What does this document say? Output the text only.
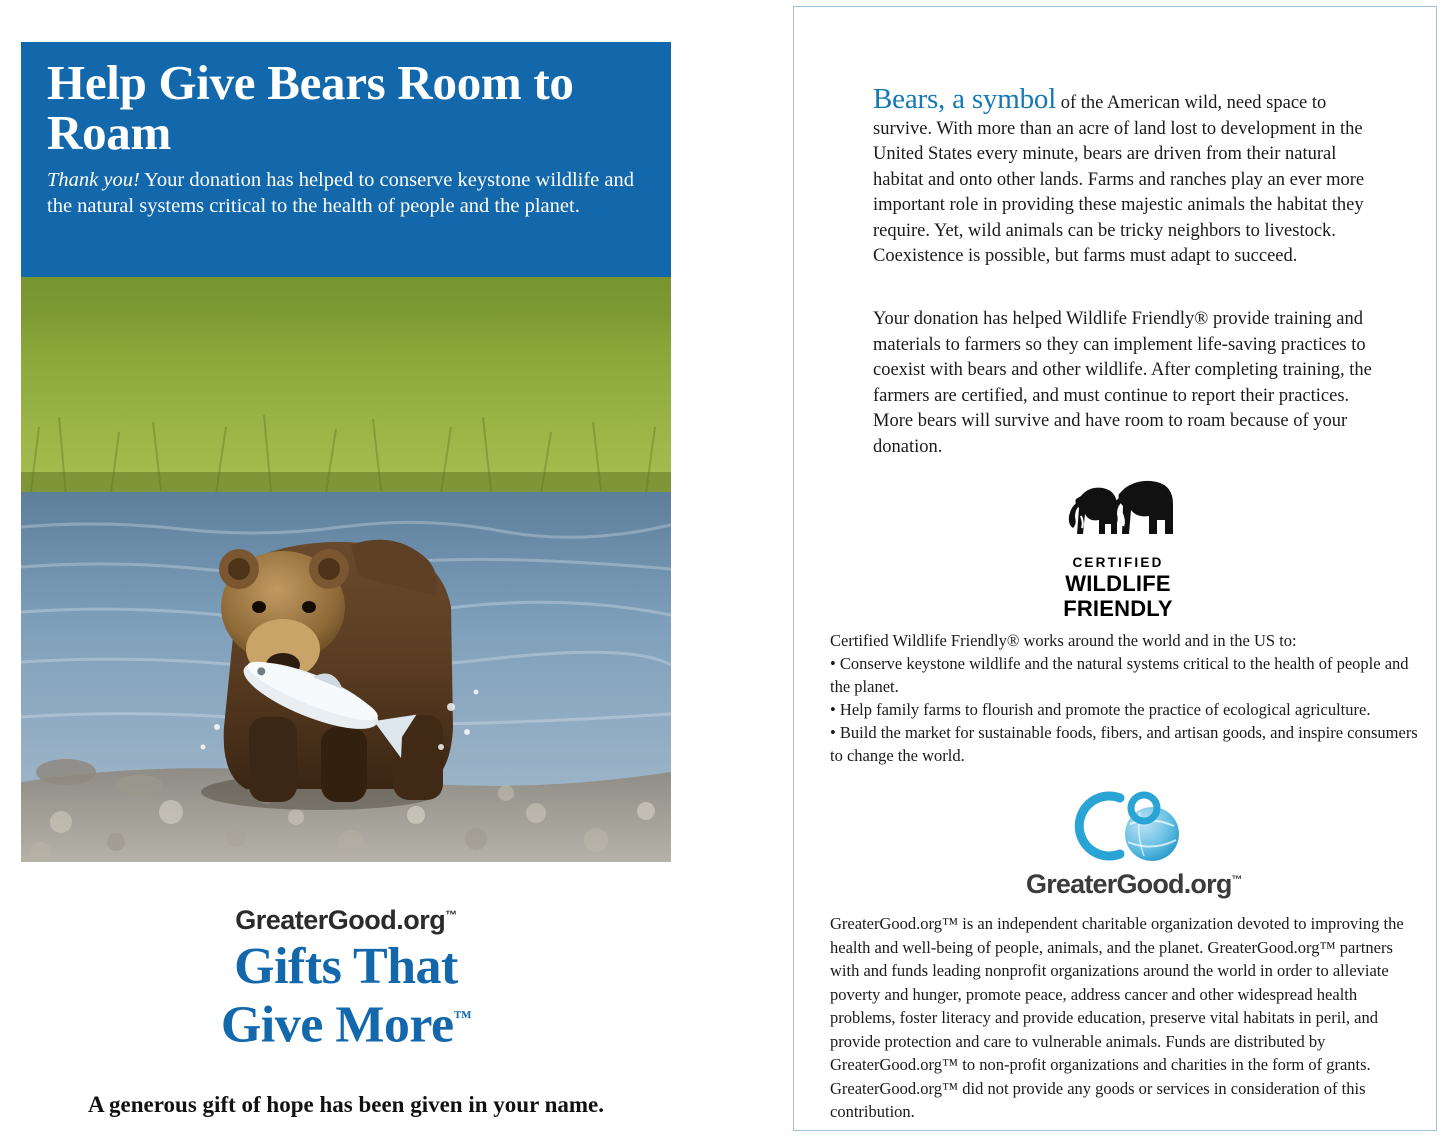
Help Give Bears Room to Roam
Thank you! Your donation has helped to conserve keystone wildlife and the natural systems critical to the health of people and the planet.
GreaterGood.org™
Gifts That
Give More™
A generous gift of hope has been given in your name.
Bears, a symbol of the American wild, need space to survive. With more than an acre of land lost to development in the United States every minute, bears are driven from their natural habitat and onto other lands. Farms and ranches play an ever more important role in providing these majestic animals the habitat they require. Yet, wild animals can be tricky neighbors to livestock. Coexistence is possible, but farms must adapt to succeed.
Your donation has helped Wildlife Friendly® provide training and materials to farmers so they can implement life-saving practices to coexist with bears and other wildlife. After completing training, the farmers are certified, and must continue to report their practices. More bears will survive and have room to roam because of your donation.
CERTIFIED
WILDLIFE
FRIENDLY

Certified Wildlife Friendly® works around the world and in the US to:

• Conserve keystone wildlife and the natural systems critical to the health of people and the planet.

• Help family farms to flourish and promote the practice of ecological agriculture.

• Build the market for sustainable foods, fibers, and artisan goods, and inspire consumers to change the world.

GreaterGood.org™

GreaterGood.org™ is an independent charitable organization devoted to improving the health and well-being of people, animals, and the planet. GreaterGood.org™ partners with and funds leading nonprofit organizations around the world in order to alleviate poverty and hunger, promote peace, address cancer and other widespread health problems, foster literacy and provide education, preserve vital habitats in peril, and provide protection and care to vulnerable animals. Funds are distributed by GreaterGood.org™ to non-profit organizations and charities in the form of grants. GreaterGood.org™ did not provide any goods or services in consideration of this contribution.
